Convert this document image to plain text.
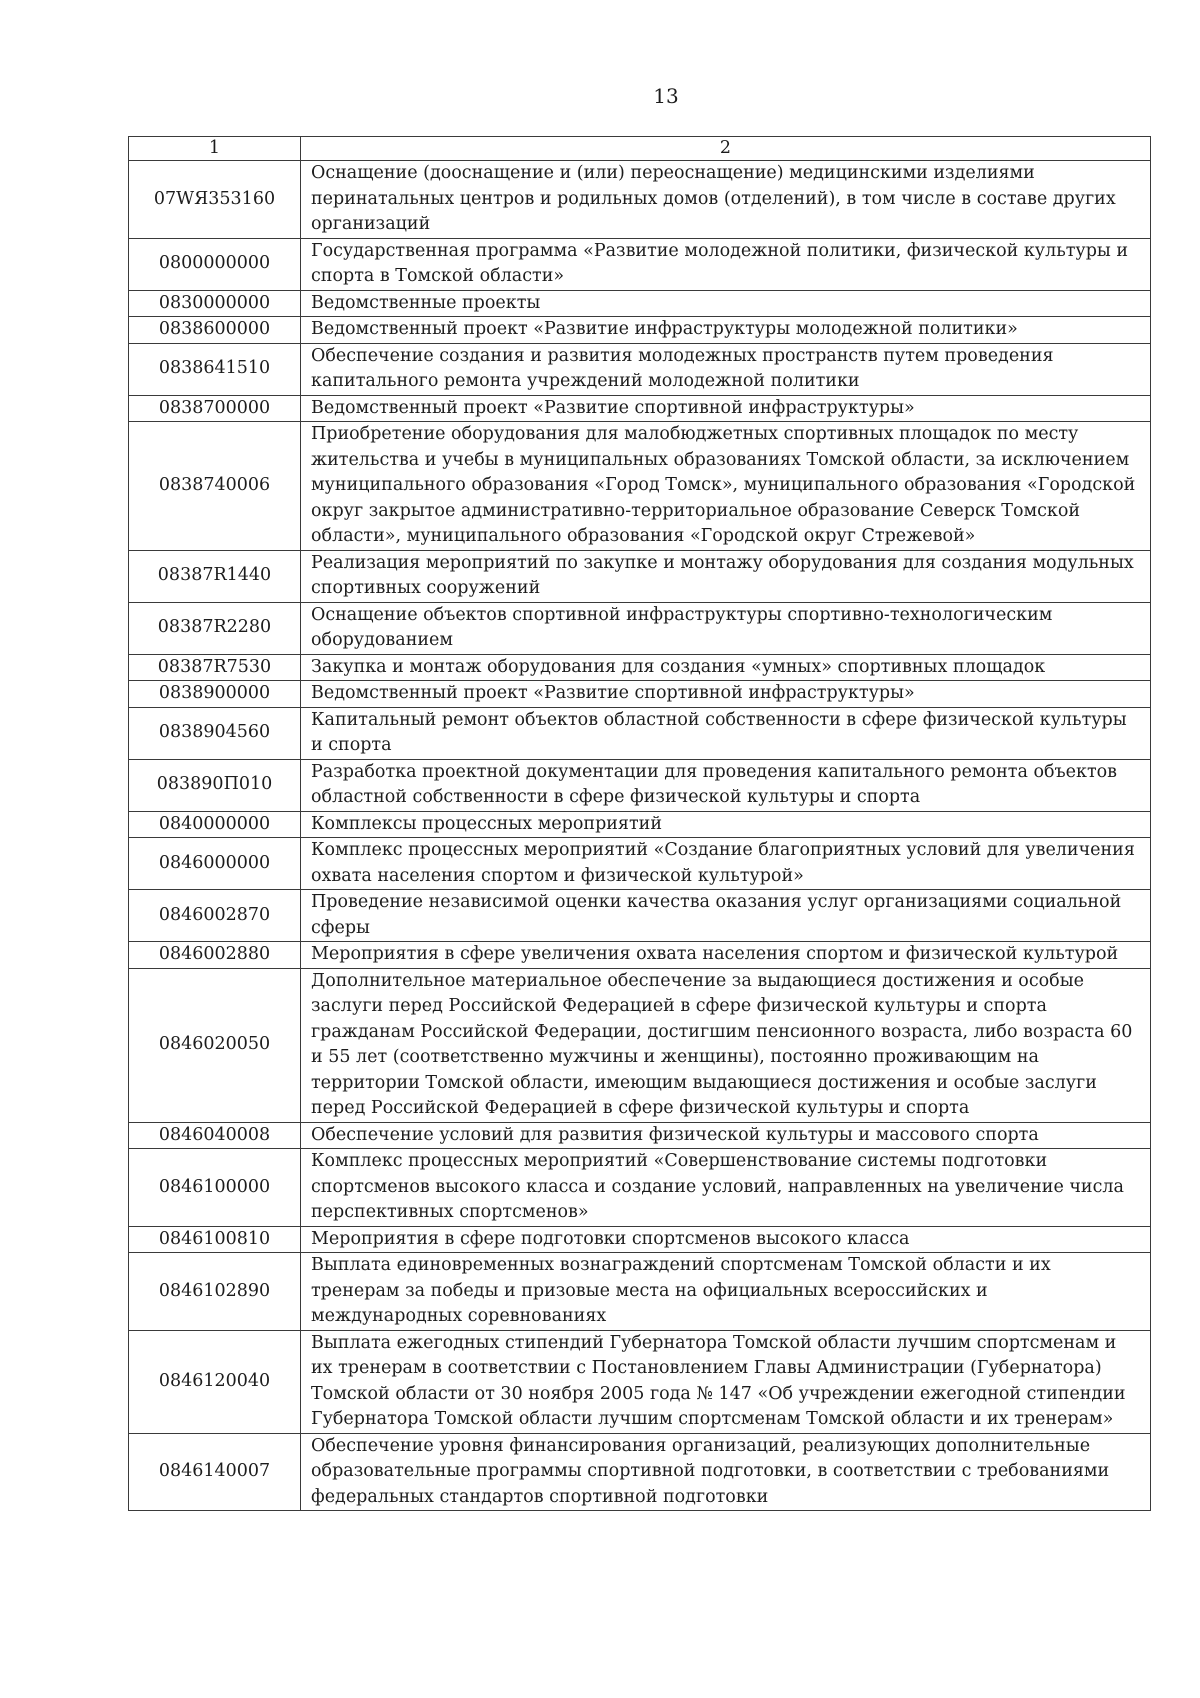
13
1	2
07WЯ353160	Оснащение (дооснащение и (или) переоснащение) медицинскими изделиями перинатальных центров и родильных домов (отделений), в том числе в составе других организаций
0800000000	Государственная программа «Развитие молодежной политики, физической культуры и спорта в Томской области»
0830000000	Ведомственные проекты
0838600000	Ведомственный проект «Развитие инфраструктуры молодежной политики»
0838641510	Обеспечение создания и развития молодежных пространств путем проведения капитального ремонта учреждений молодежной политики
0838700000	Ведомственный проект «Развитие спортивной инфраструктуры»
0838740006	Приобретение оборудования для малобюджетных спортивных площадок по месту жительства и учебы в муниципальных образованиях Томской области, за исключением муниципального образования «Город Томск», муниципального образования «Городской округ закрытое административно-территориальное образование Северск Томской области», муниципального образования «Городской округ Стрежевой»
08387R1440	Реализация мероприятий по закупке и монтажу оборудования для создания модульных спортивных сооружений
08387R2280	Оснащение объектов спортивной инфраструктуры спортивно-технологическим оборудованием
08387R7530	Закупка и монтаж оборудования для создания «умных» спортивных площадок
0838900000	Ведомственный проект «Развитие спортивной инфраструктуры»
0838904560	Капитальный ремонт объектов областной собственности в сфере физической культуры и спорта
083890П010	Разработка проектной документации для проведения капитального ремонта объектов областной собственности в сфере физической культуры и спорта
0840000000	Комплексы процессных мероприятий
0846000000	Комплекс процессных мероприятий «Создание благоприятных условий для увеличения охвата населения спортом и физической культурой»
0846002870	Проведение независимой оценки качества оказания услуг организациями социальной сферы
0846002880	Мероприятия в сфере увеличения охвата населения спортом и физической культурой
0846020050	Дополнительное материальное обеспечение за выдающиеся достижения и особые заслуги перед Российской Федерацией в сфере физической культуры и спорта гражданам Российской Федерации, достигшим пенсионного возраста, либо возраста 60 и 55 лет (соответственно мужчины и женщины), постоянно проживающим на территории Томской области, имеющим выдающиеся достижения и особые заслуги перед Российской Федерацией в сфере физической культуры и спорта
0846040008	Обеспечение условий для развития физической культуры и массового спорта
0846100000	Комплекс процессных мероприятий «Совершенствование системы подготовки спортсменов высокого класса и создание условий, направленных на увеличение числа перспективных спортсменов»
0846100810	Мероприятия в сфере подготовки спортсменов высокого класса
0846102890	Выплата единовременных вознаграждений спортсменам Томской области и их тренерам за победы и призовые места на официальных всероссийских и международных соревнованиях
0846120040	Выплата ежегодных стипендий Губернатора Томской области лучшим спортсменам и их тренерам в соответствии с Постановлением Главы Администрации (Губернатора) Томской области от 30 ноября 2005 года № 147 «Об учреждении ежегодной стипендии Губернатора Томской области лучшим спортсменам Томской области и их тренерам»
0846140007	Обеспечение уровня финансирования организаций, реализующих дополнительные образовательные программы спортивной подготовки, в соответствии с требованиями федеральных стандартов спортивной подготовки
